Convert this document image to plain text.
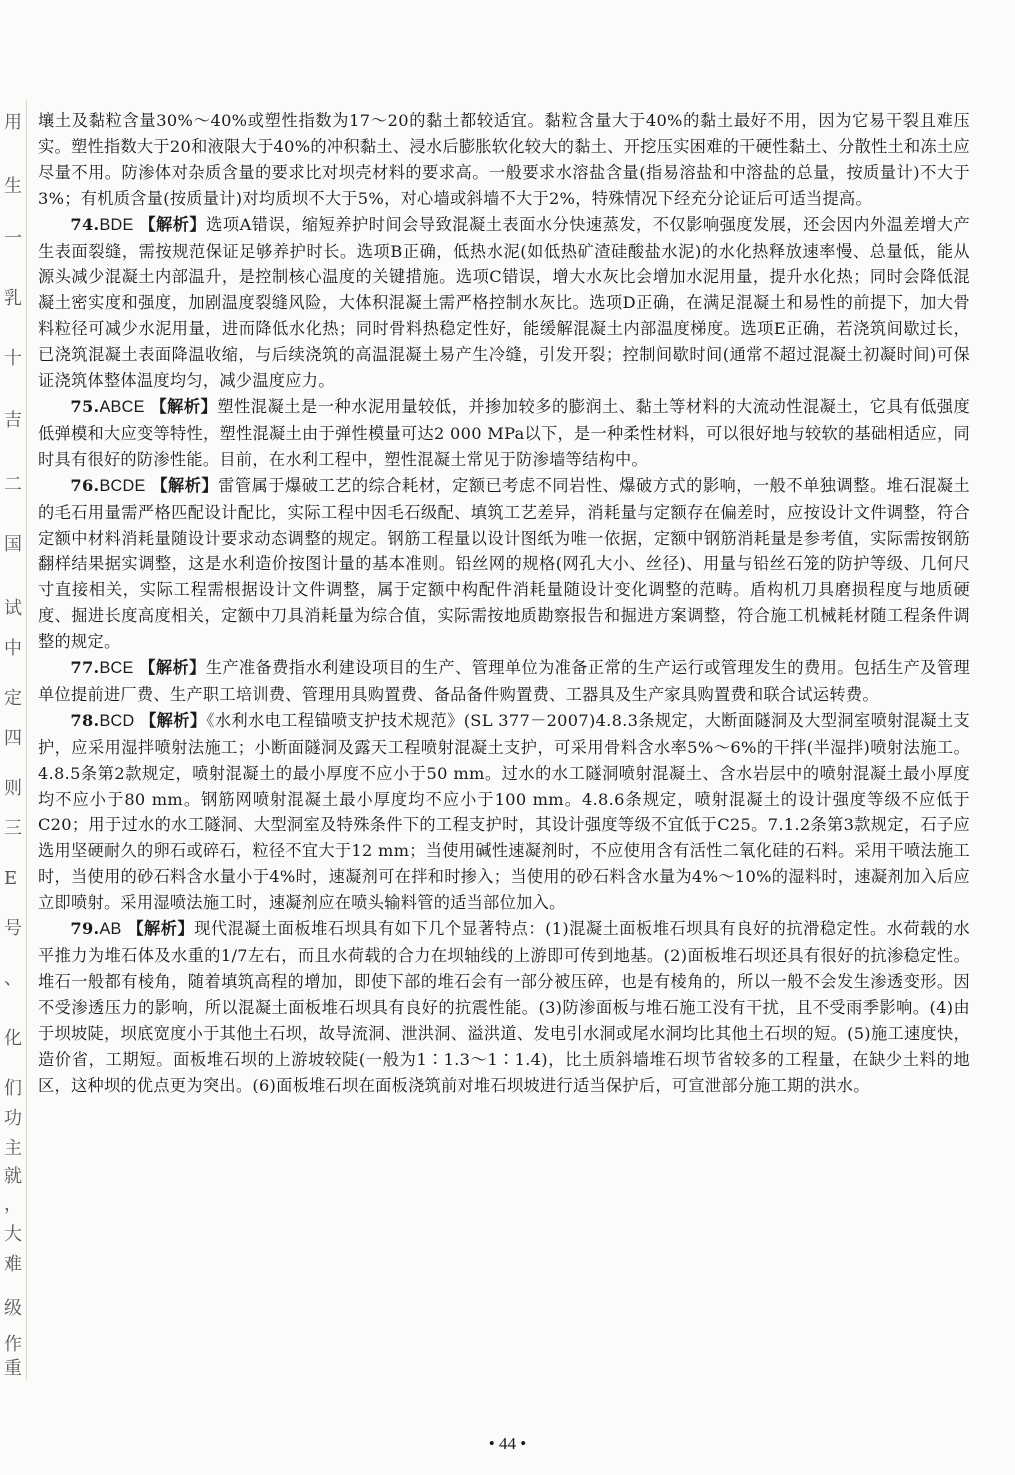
用
生
一
乳
十
吉
二
国
试
中
定
四
则
三
E
号
、
化
们
功
主
就
，
大
难
级
作
重

壤土及黏粒含量30%～40%或塑性指数为17～20的黏土都较适宜。黏粒含量大于40%的黏土最好不用，因为它易干裂且难压实。塑性指数大于20和液限大于40%的冲积黏土、浸水后膨胀软化较大的黏土、开挖压实困难的干硬性黏土、分散性土和冻土应尽量不用。防渗体对杂质含量的要求比对坝壳材料的要求高。一般要求水溶盐含量(指易溶盐和中溶盐的总量，按质量计)不大于3%；有机质含量(按质量计)对均质坝不大于5%，对心墙或斜墙不大于2%，特殊情况下经充分论证后可适当提高。

74.BDE 【解析】选项A错误，缩短养护时间会导致混凝土表面水分快速蒸发，不仅影响强度发展，还会因内外温差增大产生表面裂缝，需按规范保证足够养护时长。选项B正确，低热水泥(如低热矿渣硅酸盐水泥)的水化热释放速率慢、总量低，能从源头减少混凝土内部温升，是控制核心温度的关键措施。选项C错误，增大水灰比会增加水泥用量，提升水化热；同时会降低混凝土密实度和强度，加剧温度裂缝风险，大体积混凝土需严格控制水灰比。选项D正确，在满足混凝土和易性的前提下，加大骨料粒径可减少水泥用量，进而降低水化热；同时骨料热稳定性好，能缓解混凝土内部温度梯度。选项E正确，若浇筑间歇过长，已浇筑混凝土表面降温收缩，与后续浇筑的高温混凝土易产生冷缝，引发开裂；控制间歇时间(通常不超过混凝土初凝时间)可保证浇筑体整体温度均匀，减少温度应力。

75.ABCE 【解析】塑性混凝土是一种水泥用量较低，并掺加较多的膨润土、黏土等材料的大流动性混凝土，它具有低强度低弹模和大应变等特性，塑性混凝土由于弹性模量可达2 000 MPa以下，是一种柔性材料，可以很好地与较软的基础相适应，同时具有很好的防渗性能。目前，在水利工程中，塑性混凝土常见于防渗墙等结构中。

76.BCDE 【解析】雷管属于爆破工艺的综合耗材，定额已考虑不同岩性、爆破方式的影响，一般不单独调整。堆石混凝土的毛石用量需严格匹配设计配比，实际工程中因毛石级配、填筑工艺差异，消耗量与定额存在偏差时，应按设计文件调整，符合定额中材料消耗量随设计要求动态调整的规定。钢筋工程量以设计图纸为唯一依据，定额中钢筋消耗量是参考值，实际需按钢筋翻样结果据实调整，这是水利造价按图计量的基本准则。铅丝网的规格(网孔大小、丝径)、用量与铅丝石笼的防护等级、几何尺寸直接相关，实际工程需根据设计文件调整，属于定额中构配件消耗量随设计变化调整的范畴。盾构机刀具磨损程度与地质硬度、掘进长度高度相关，定额中刀具消耗量为综合值，实际需按地质勘察报告和掘进方案调整，符合施工机械耗材随工程条件调整的规定。

77.BCE 【解析】生产准备费指水利建设项目的生产、管理单位为准备正常的生产运行或管理发生的费用。包括生产及管理单位提前进厂费、生产职工培训费、管理用具购置费、备品备件购置费、工器具及生产家具购置费和联合试运转费。

78.BCD 【解析】《水利水电工程锚喷支护技术规范》(SL 377－2007)4.8.3条规定，大断面隧洞及大型洞室喷射混凝土支护，应采用湿拌喷射法施工；小断面隧洞及露天工程喷射混凝土支护，可采用骨料含水率5%～6%的干拌(半湿拌)喷射法施工。4.8.5条第2款规定，喷射混凝土的最小厚度不应小于50 mm。过水的水工隧洞喷射混凝土、含水岩层中的喷射混凝土最小厚度均不应小于80 mm。钢筋网喷射混凝土最小厚度均不应小于100 mm。4.8.6条规定，喷射混凝土的设计强度等级不应低于C20；用于过水的水工隧洞、大型洞室及特殊条件下的工程支护时，其设计强度等级不宜低于C25。7.1.2条第3款规定，石子应选用坚硬耐久的卵石或碎石，粒径不宜大于12 mm；当使用碱性速凝剂时，不应使用含有活性二氧化硅的石料。采用干喷法施工时，当使用的砂石料含水量小于4%时，速凝剂可在拌和时掺入；当使用的砂石料含水量为4%～10%的湿料时，速凝剂加入后应立即喷射。采用湿喷法施工时，速凝剂应在喷头输料管的适当部位加入。

79.AB 【解析】现代混凝土面板堆石坝具有如下几个显著特点：(1)混凝土面板堆石坝具有良好的抗滑稳定性。水荷载的水平推力为堆石体及水重的1/7左右，而且水荷载的合力在坝轴线的上游即可传到地基。(2)面板堆石坝还具有很好的抗渗稳定性。堆石一般都有棱角，随着填筑高程的增加，即使下部的堆石会有一部分被压碎，也是有棱角的，所以一般不会发生渗透变形。因不受渗透压力的影响，所以混凝土面板堆石坝具有良好的抗震性能。(3)防渗面板与堆石施工没有干扰，且不受雨季影响。(4)由于坝坡陡，坝底宽度小于其他土石坝，故导流洞、泄洪洞、溢洪道、发电引水洞或尾水洞均比其他土石坝的短。(5)施工速度快，造价省，工期短。面板堆石坝的上游坡较陡(一般为1∶1.3～1∶1.4)，比土质斜墙堆石坝节省较多的工程量，在缺少土料的地区，这种坝的优点更为突出。(6)面板堆石坝在面板浇筑前对堆石坝坡进行适当保护后，可宣泄部分施工期的洪水。

• 44 •
